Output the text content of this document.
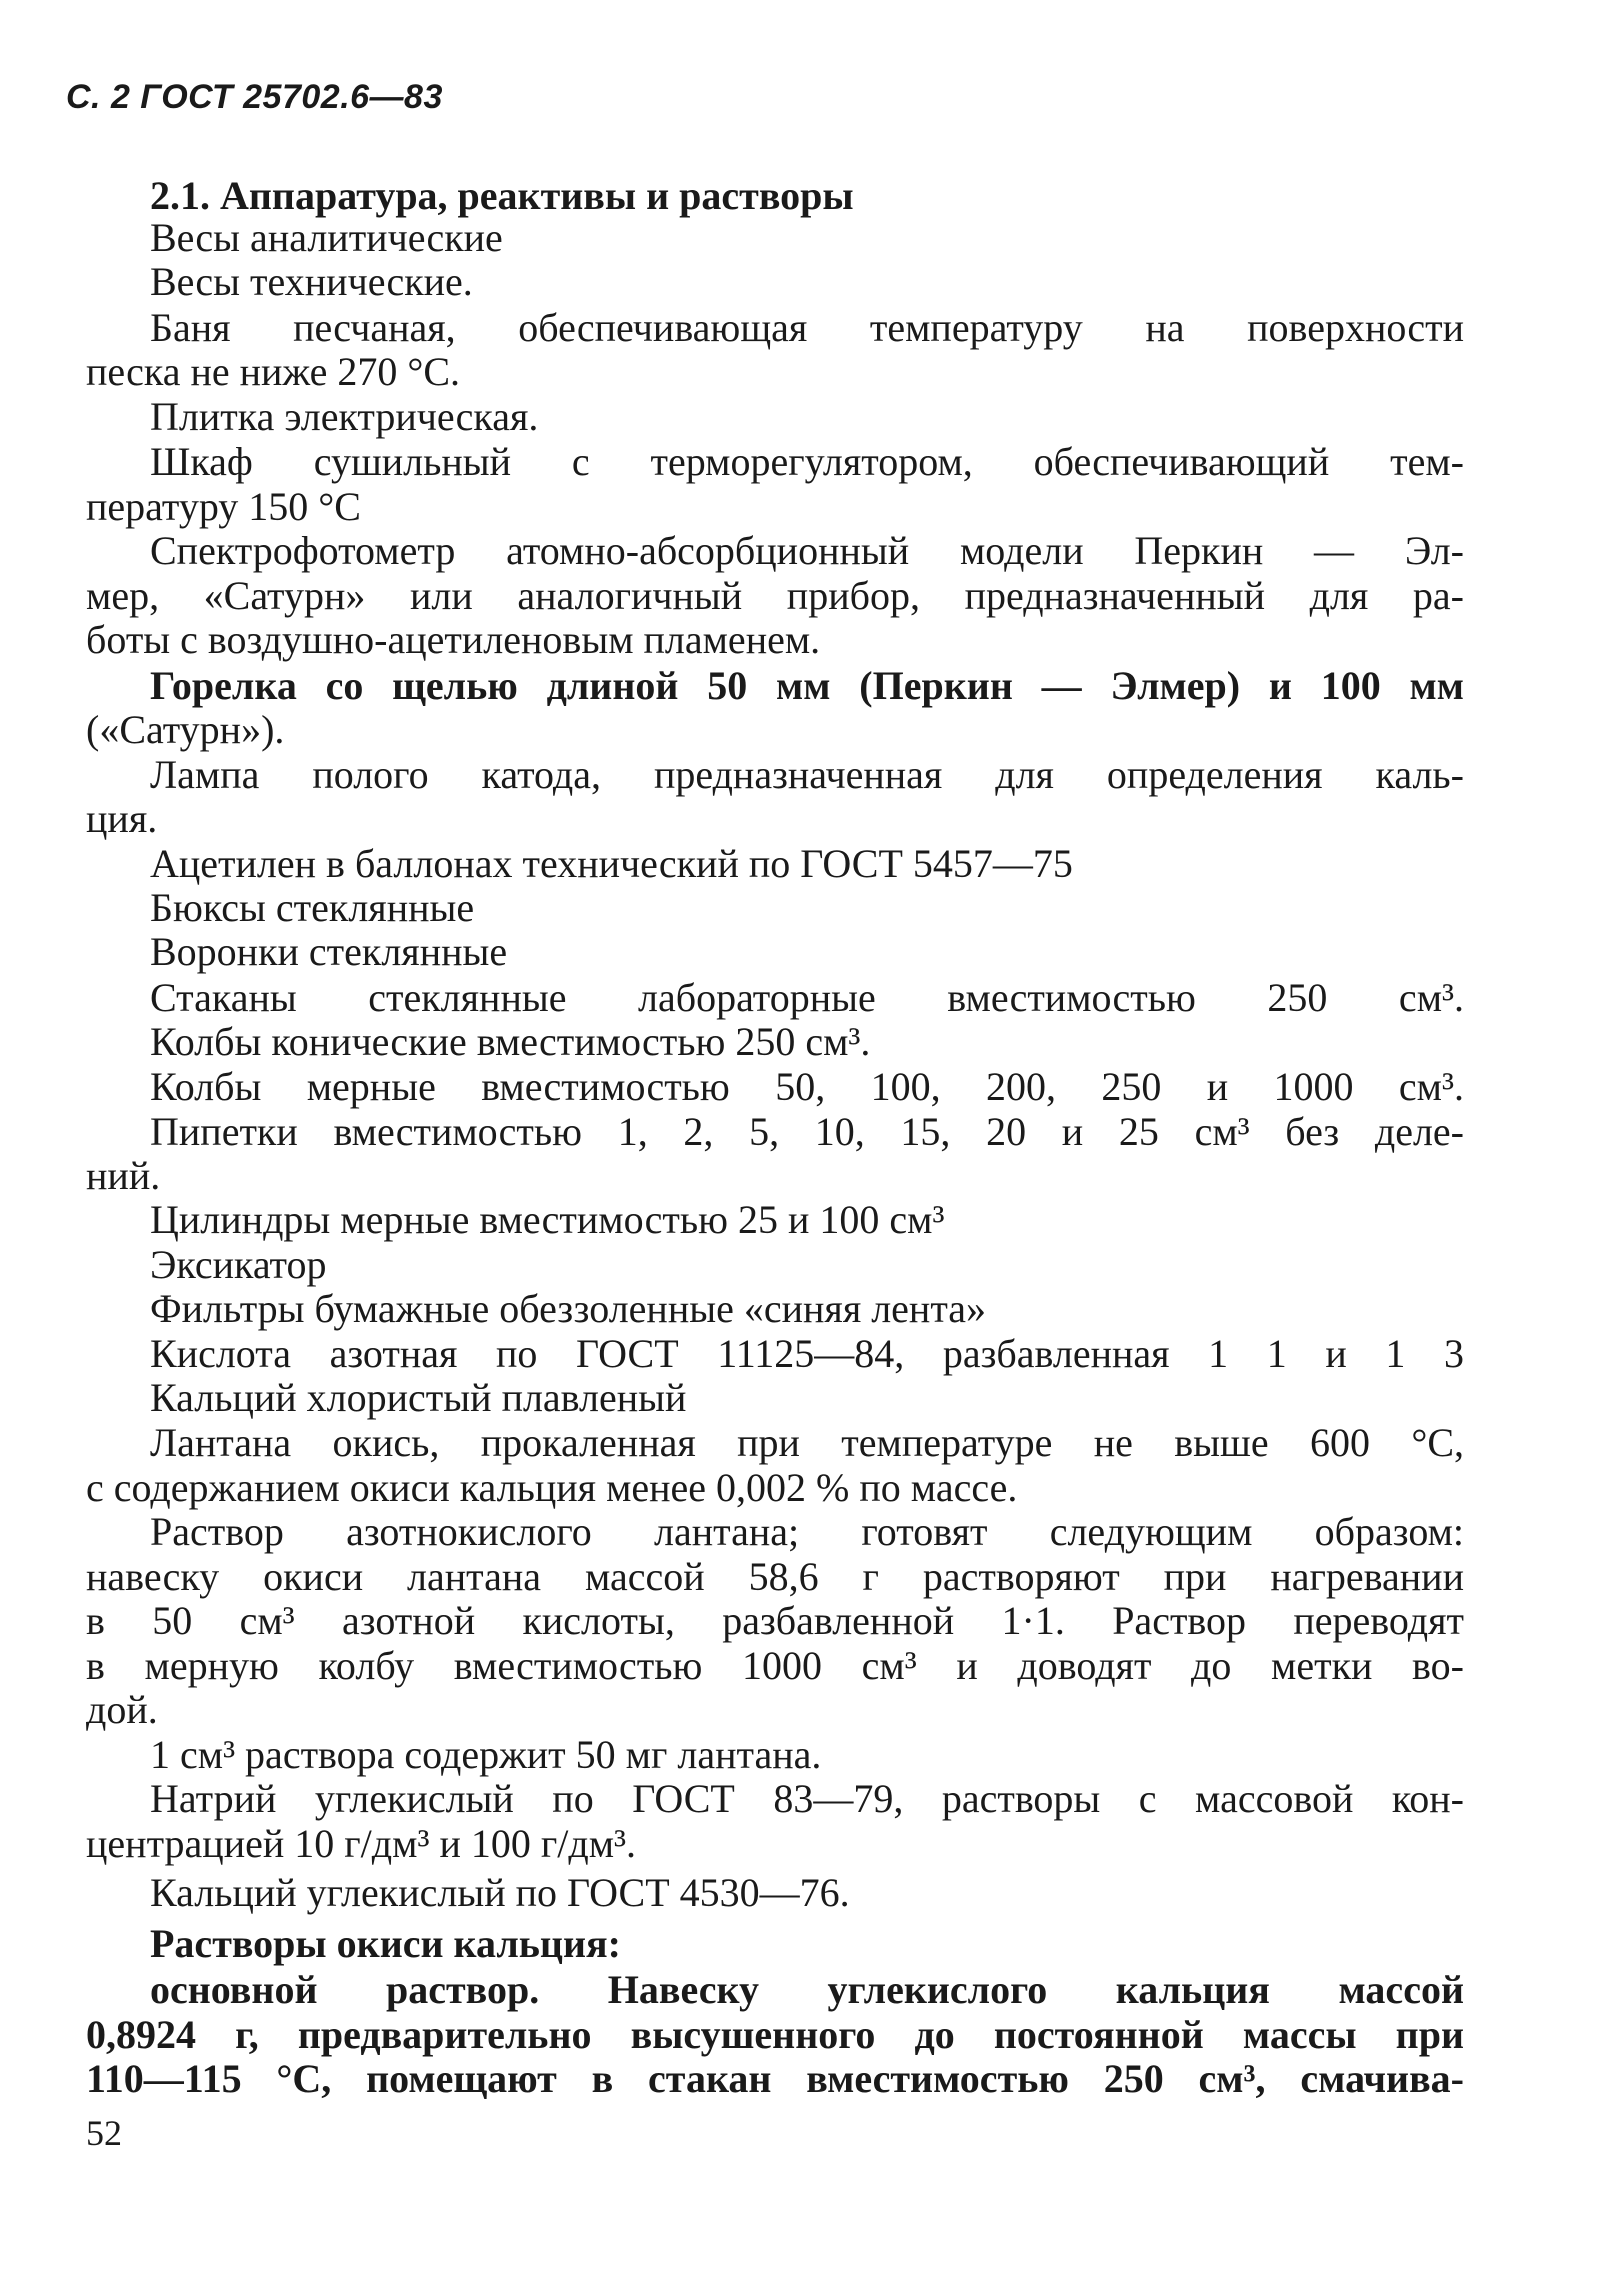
С. 2 ГОСТ 25702.6—83
2.1. Аппаратура, реактивы и растворы
Весы аналитические
Весы технические.
Баня песчаная, обеспечивающая температуру на поверхности
песка не ниже 270 °С.
Плитка электрическая.
Шкаф сушильный с терморегулятором, обеспечивающий тем-
пературу 150 °С
Спектрофотометр атомно-абсорбционный модели Перкин — Эл-
мер, «Сатурн» или аналогичный прибор, предназначенный для ра-
боты с воздушно-ацетиленовым пламенем.
Горелка со щелью длиной 50 мм (Перкин — Элмер) и 100 мм
(«Сатурн»).
Лампа полого катода, предназначенная для определения каль-
ция.
Ацетилен в баллонах технический по ГОСТ 5457—75
Бюксы стеклянные
Воронки стеклянные
Стаканы стеклянные лабораторные вместимостью 250 см³.
Колбы конические вместимостью 250 см³.
Колбы мерные вместимостью 50, 100, 200, 250 и 1000 см³.
Пипетки вместимостью 1, 2, 5, 10, 15, 20 и 25 см³ без деле-
ний.
Цилиндры мерные вместимостью 25 и 100 см³
Эксикатор
Фильтры бумажные обеззоленные «синяя лента»
Кислота азотная по ГОСТ 11125—84, разбавленная 1 1 и 1 3
Кальций хлористый плавленый
Лантана окись, прокаленная при температуре не выше 600 °С,
с содержанием окиси кальция менее 0,002 % по массе.
Раствор азотнокислого лантана; готовят следующим образом:
навеску окиси лантана массой 58,6 г растворяют при нагревании
в 50 см³ азотной кислоты, разбавленной 1·1. Раствор переводят
в мерную колбу вместимостью 1000 см³ и доводят до метки во-
дой.
1 см³ раствора содержит 50 мг лантана.
Натрий углекислый по ГОСТ 83—79, растворы с массовой кон-
центрацией 10 г/дм³ и 100 г/дм³.
Кальций углекислый по ГОСТ 4530—76.
Растворы окиси кальция:
основной раствор. Навеску углекислого кальция массой
0,8924 г, предварительно высушенного до постоянной массы при
110—115 °С, помещают в стакан вместимостью 250 см³, смачива-
52
